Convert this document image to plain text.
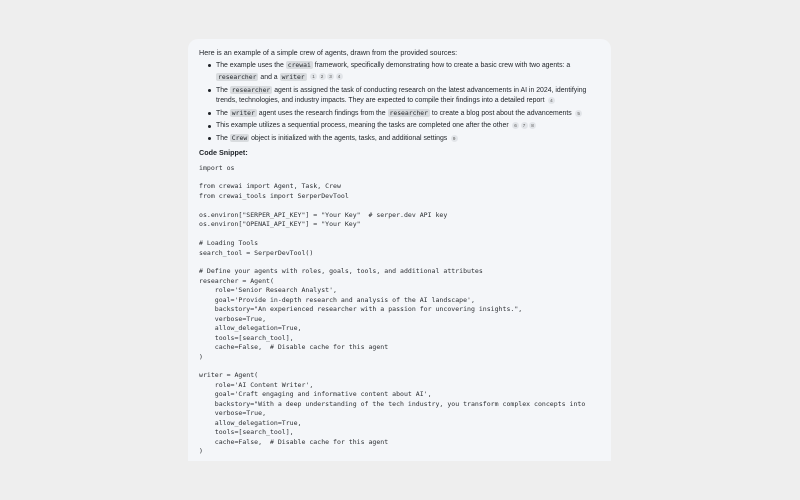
Here is an example of a simple crew of agents, drawn from the provided sources:

The example uses the crewai framework, specifically demonstrating how to create a basic crew with two agents: a researcher and a writer 1 2 3 4
The researcher agent is assigned the task of conducting research on the latest advancements in AI in 2024, identifying trends, technologies, and industry impacts. They are expected to compile their findings into a detailed report 4
The writer agent uses the research findings from the researcher to create a blog post about the advancements 5
This example utilizes a sequential process, meaning the tasks are completed one after the other 6 7 8
The Crew object is initialized with the agents, tasks, and additional settings 9
Code Snippet:
import os
from crewai import Agent, Task, Crew
from crewai_tools import SerperDevTool
os.environ["SERPER_API_KEY"] = "Your Key"  # serper.dev API key
os.environ["OPENAI_API_KEY"] = "Your Key"
# Loading Tools
search_tool = SerperDevTool()
# Define your agents with roles, goals, tools, and additional attributes
researcher = Agent(
role='Senior Research Analyst',
goal='Provide in-depth research and analysis of the AI landscape',
backstory="An experienced researcher with a passion for uncovering insights.",
verbose=True,
allow_delegation=True,
tools=[search_tool],
cache=False,  # Disable cache for this agent
)
writer = Agent(
role='AI Content Writer',
goal='Craft engaging and informative content about AI',
backstory="With a deep understanding of the tech industry, you transform complex concepts into
verbose=True,
allow_delegation=True,
tools=[search_tool],
cache=False,  # Disable cache for this agent
)
